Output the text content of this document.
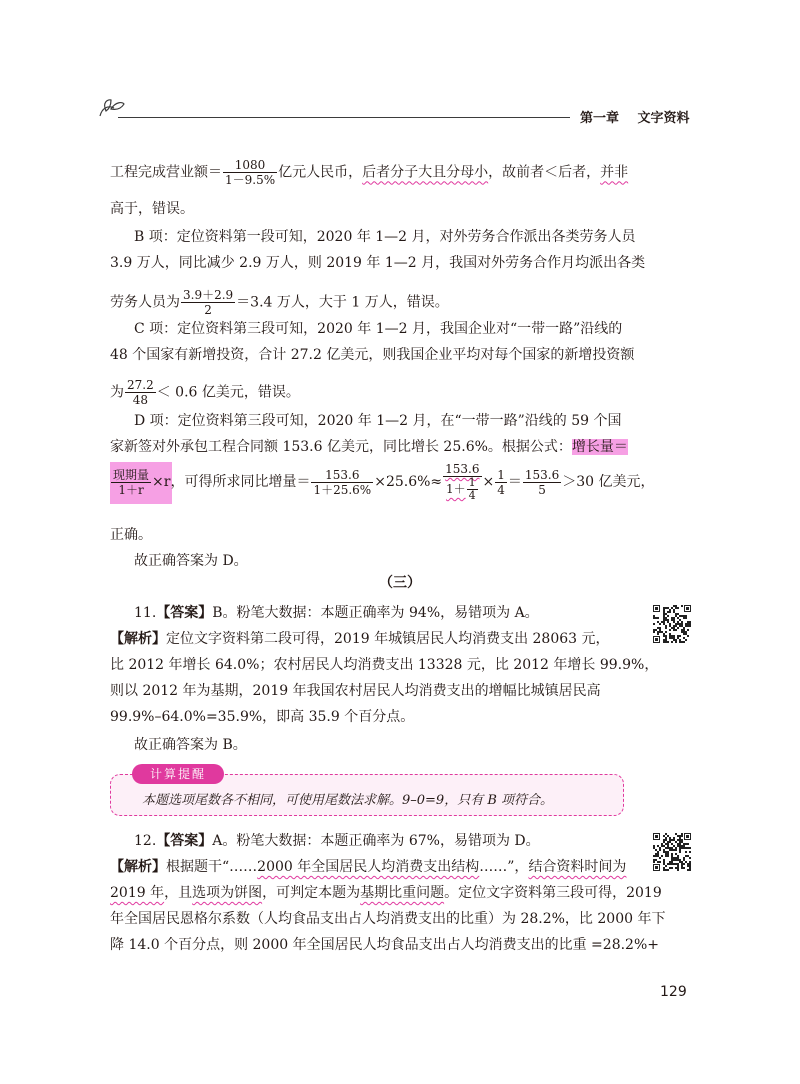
第一章 文字资料
工程完成营业额＝ $\frac{1080}{1-9.5\%}$ 亿元人民币，后者分子大且分母小，故前者＜后者，并非
高于，错误。
B 项：定位资料第一段可知，2020 年 1—2 月，对外劳务合作派出各类劳务人员
3.9 万人，同比减少 2.9 万人，则 2019 年 1—2 月，我国对外劳务合作月均派出各类
劳务人员为 $\frac{3.9+2.9}{2} =3.4$ 万人，大于 1 万人，错误。
C 项：定位资料第三段可知，2020 年 1—2 月，我国企业对“一带一路”沿线的
48 个国家有新增投资，合计 27.2 亿美元，则我国企业平均对每个国家的新增投资额
为 $\frac{27.2}{48} < 0.6$ 亿美元，错误。
D 项：定位资料第三段可知，2020 年 1—2 月，在“一带一路”沿线的 59 个国
家新签对外承包工程合同额 153.6 亿美元，同比增长 25.6%。根据公式：增长量＝
$\frac{\text{现期量}}{1+r} \times r$，可得所求同比增量＝ $\frac{153.6}{1+25.6\%} \times 25.6\%\approx \frac{153.6}{1+ \frac{1}{4}} \times \frac{1}{4} = \frac{153.6}{5} >30$ 亿美元，
正确。
故正确答案为 D。
（三）
11.【答案】B。粉笔大数据：本题正确率为 94%，易错项为 A。
【解析】定位文字资料第二段可得，2019 年城镇居民人均消费支出 28063 元，
比 2012 年增长 64.0%；农村居民人均消费支出 13328 元，比 2012 年增长 99.9%，
则以 2012 年为基期，2019 年我国农村居民人均消费支出的增幅比城镇居民高
99.9%–64.0%=35.9%，即高 35.9 个百分点。
故正确答案为 B。
计算提醒
本题选项尾数各不相同，可使用尾数法求解。9–0=9，只有 B 项符合。
12.【答案】A。粉笔大数据：本题正确率为 67%，易错项为 D。
【解析】根据题干“……2000 年全国居民人均消费支出结构……”，结合资料时间为
2019 年，且选项为饼图，可判定本题为基期比重问题。定位文字资料第三段可得，2019
年全国居民恩格尔系数（人均食品支出占人均消费支出的比重）为 28.2%，比 2000 年下
降 14.0 个百分点，则 2000 年全国居民人均食品支出占人均消费支出的比重 =28.2%+
129
